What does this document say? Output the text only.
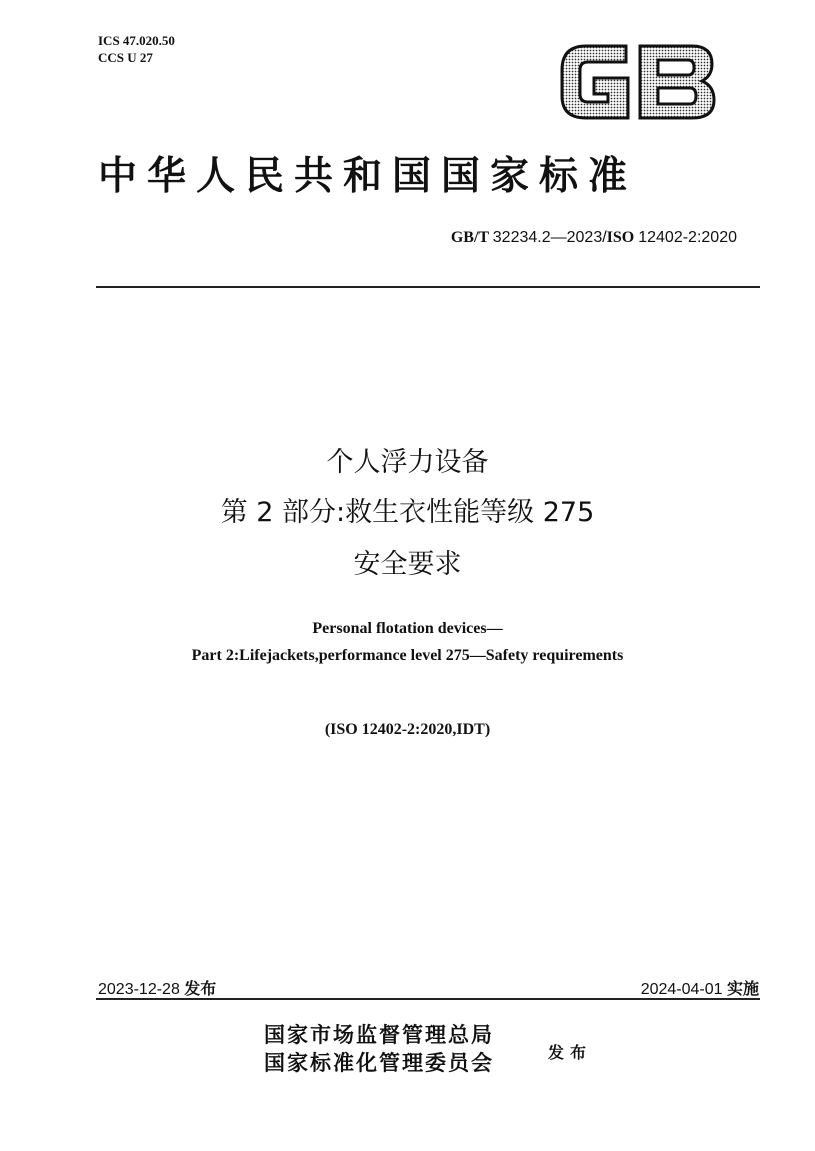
ICS 47.020.50
CCS U 27
中华人民共和国国家标准
GB/T 32234.2—2023/ISO 12402-2:2020
个人浮力设备
第 2 部分:救生衣性能等级 275
安全要求
Personal flotation devices—
Part 2:Lifejackets,performance level 275—Safety requirements
(ISO 12402-2:2020,IDT)
2023-12-28 发布	2024-04-01 实施
国家市场监督管理总局
国家标准化管理委员会	发布
